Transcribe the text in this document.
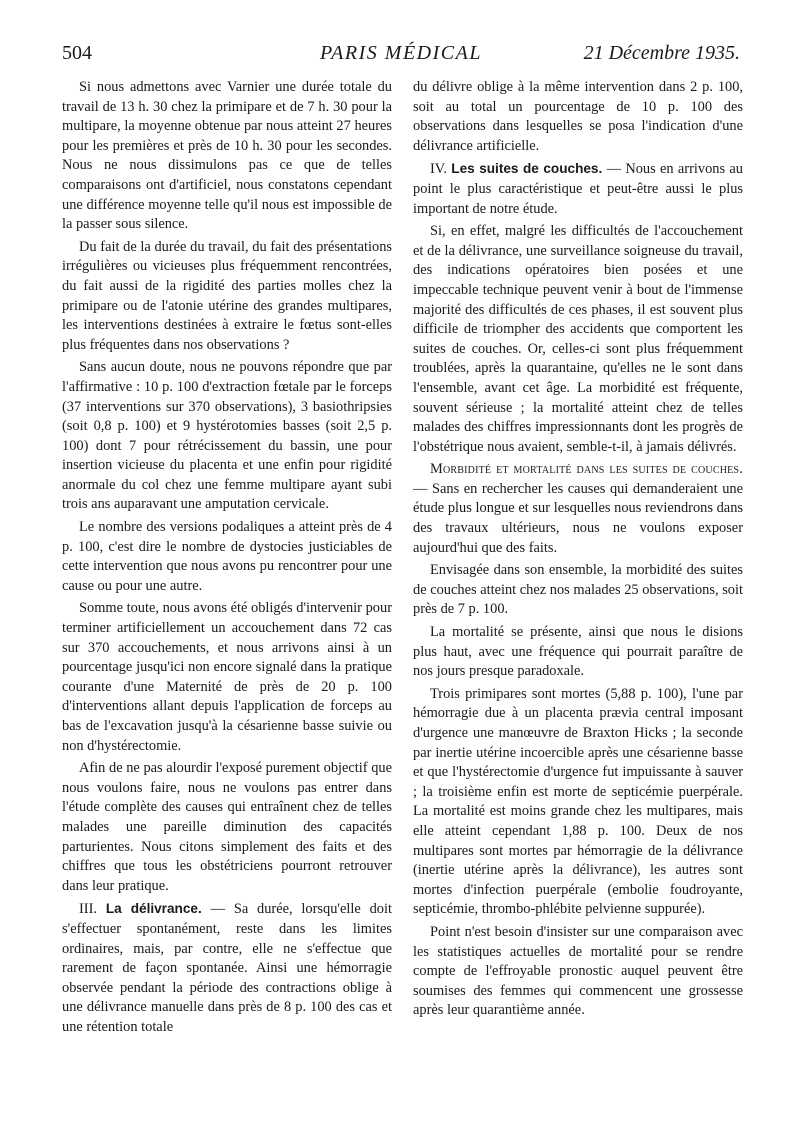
504	PARIS MÉDICAL	21 Décembre 1935.

Si nous admettons avec Varnier une durée totale du travail de 13 h. 30 chez la primipare et de 7 h. 30 pour la multipare, la moyenne obtenue par nous atteint 27 heures pour les premières et près de 10 h. 30 pour les secondes. Nous ne nous dissimulons pas ce que de telles comparaisons ont d'artificiel, nous constatons cependant une différence moyenne telle qu'il nous est impossible de la passer sous silence.

Du fait de la durée du travail, du fait des présentations irrégulières ou vicieuses plus fréquemment rencontrées, du fait aussi de la rigidité des parties molles chez la primipare ou de l'atonie utérine des grandes multipares, les interventions destinées à extraire le fœtus sont-elles plus fréquentes dans nos observations ?

Sans aucun doute, nous ne pouvons répondre que par l'affirmative : 10 p. 100 d'extraction fœtale par le forceps (37 interventions sur 370 observations), 3 basiothripsies (soit 0,8 p. 100) et 9 hystérotomies basses (soit 2,5 p. 100) dont 7 pour rétrécissement du bassin, une pour insertion vicieuse du placenta et une enfin pour rigidité anormale du col chez une femme multipare ayant subi trois ans auparavant une amputation cervicale.

Le nombre des versions podaliques a atteint près de 4 p. 100, c'est dire le nombre de dystocies justiciables de cette intervention que nous avons pu rencontrer pour une cause ou pour une autre.

Somme toute, nous avons été obligés d'intervenir pour terminer artificiellement un accouchement dans 72 cas sur 370 accouchements, et nous arrivons ainsi à un pourcentage jusqu'ici non encore signalé dans la pratique courante d'une Maternité de près de 20 p. 100 d'interventions allant depuis l'application de forceps au bas de l'excavation jusqu'à la césarienne basse suivie ou non d'hystérectomie.

Afin de ne pas alourdir l'exposé purement objectif que nous voulons faire, nous ne voulons pas entrer dans l'étude complète des causes qui entraînent chez de telles malades une pareille diminution des capacités parturientes. Nous citons simplement des faits et des chiffres que tous les obstétriciens pourront retrouver dans leur pratique.

III. La délivrance. — Sa durée, lorsqu'elle doit s'effectuer spontanément, reste dans les limites ordinaires, mais, par contre, elle ne s'effectue que rarement de façon spontanée. Ainsi une hémorragie observée pendant la période des contractions oblige à une délivrance manuelle dans près de 8 p. 100 des cas et une rétention totale

du délivre oblige à la même intervention dans 2 p. 100, soit au total un pourcentage de 10 p. 100 des observations dans lesquelles se posa l'indication d'une délivrance artificielle.

IV. Les suites de couches. — Nous en arrivons au point le plus caractéristique et peut-être aussi le plus important de notre étude.

Si, en effet, malgré les difficultés de l'accouchement et de la délivrance, une surveillance soigneuse du travail, des indications opératoires bien posées et une impeccable technique peuvent venir à bout de l'immense majorité des difficultés de ces phases, il est souvent plus difficile de triompher des accidents que comportent les suites de couches. Or, celles-ci sont plus fréquemment troublées, après la quarantaine, qu'elles ne le sont dans l'ensemble, avant cet âge. La morbidité est fréquente, souvent sérieuse ; la mortalité atteint chez de telles malades des chiffres impressionnants dont les progrès de l'obstétrique nous avaient, semble-t-il, à jamais délivrés.

Morbidité et mortalité dans les suites de couches. — Sans en rechercher les causes qui demanderaient une étude plus longue et sur lesquelles nous reviendrons dans des travaux ultérieurs, nous ne voulons exposer aujourd'hui que des faits.

Envisagée dans son ensemble, la morbidité des suites de couches atteint chez nos malades 25 observations, soit près de 7 p. 100.

La mortalité se présente, ainsi que nous le disions plus haut, avec une fréquence qui pourrait paraître de nos jours presque paradoxale.

Trois primipares sont mortes (5,88 p. 100), l'une par hémorragie due à un placenta prævia central imposant d'urgence une manœuvre de Braxton Hicks ; la seconde par inertie utérine incoercible après une césarienne basse et que l'hystérectomie d'urgence fut impuissante à sauver ; la troisième enfin est morte de septicémie puerpérale. La mortalité est moins grande chez les multipares, mais elle atteint cependant 1,88 p. 100. Deux de nos multipares sont mortes par hémorragie de la délivrance (inertie utérine après la délivrance), les autres sont mortes d'infection puerpérale (embolie foudroyante, septicémie, thrombo-phlébite pelvienne suppurée).

Point n'est besoin d'insister sur une comparaison avec les statistiques actuelles de mortalité pour se rendre compte de l'effroyable pronostic auquel peuvent être soumises des femmes qui commencent une grossesse après leur quarantième année.
